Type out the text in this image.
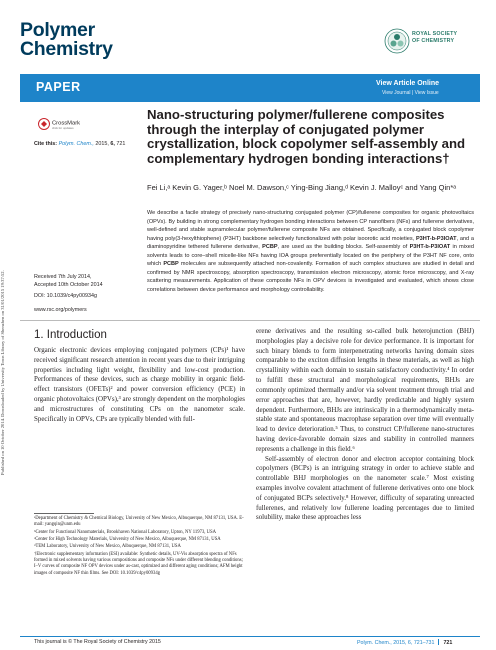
Published on 10 October 2014. Downloaded by University Town Library of Shenzhen on 31/01/2015 19:37:52.
Polymer
Chemistry
ROYAL SOCIETY
OF CHEMISTRY
PAPER	View Article Online
View Journal | View Issue
CrossMark
click for updates
Cite this: Polym. Chem., 2015, 6, 721
Nano-structuring polymer/fullerene composites through the interplay of conjugated polymer crystallization, block copolymer self-assembly and complementary hydrogen bonding interactions†
Fei Li,ᵃ Kevin G. Yager,ᵇ Noel M. Dawson,ᶜ Ying-Bing Jiang,ᵈ Kevin J. Malloyᶜ and Yang Qin*ᵃ
We describe a facile strategy of precisely nano-structuring conjugated polymer (CP)/fullerene composites for organic photovoltaics (OPVs). By building in strong complementary hydrogen bonding interactions between CP nanofibers (NFs) and fullerene derivatives, well-defined and stable supramolecular polymer/fullerene composite NFs are obtained. Specifically, a conjugated block copolymer having poly(3-hexylthiophene) (P3HT) backbone selectively functionalized with polar isoorotic acid moieties, P3HT-b-P3IOAT, and a diaminopyridine tethered fullerene derivative, PCBP, are used as the building blocks. Self-assembly of P3HT-b-P3IOAT in mixed solvents leads to core–shell micelle-like NFs having IOA groups preferentially located on the periphery of the P3HT NF core, onto which PCBP molecules are subsequently attached non-covalently. Formation of such complex structures are studied in detail and confirmed by NMR spectroscopy, absorption spectroscopy, transmission electron microscopy, atomic force microscopy, and X-ray scattering measurements. Application of these composite NFs in OPV devices is investigated and evaluated, which shows close correlations between device performance and morphology controllability.
Received 7th July 2014,
Accepted 10th October 2014
DOI: 10.1039/c4py00934g
www.rsc.org/polymers
1. Introduction

Organic electronic devices employing conjugated polymers (CPs)¹ have received significant research attention in recent years due to their intriguing properties including light weight, flexibility and low-cost production. Performances of these devices, such as charge mobility in organic field-effect transistors (OFETs)² and power conversion efficiency (PCE) in organic photovoltaics (OPVs),³ are strongly dependent on the morphologies and microstructures of constituting CPs on the nanometer scale. Specifically in OPVs, CPs are typically blended with full-

erene derivatives and the resulting so-called bulk heterojunction (BHJ) morphologies play a decisive role for device performance. It is important for such binary blends to form interpenetrating networks having domain sizes comparable to the exciton diffusion lengths in these materials, as well as high crystallinity within each domain to sustain satisfactory conductivity.⁴ In order to fulfill these structural and morphological requirements, BHJs are commonly optimized thermally and/or via solvent treatment through trial and error approaches that are, however, hardly predictable and highly system dependent. Furthermore, BHJs are intrinsically in a thermodynamically meta-stable state and spontaneous macrophase separation over time will eventually lead to device deterioration.⁵ Thus, to construct CP/fullerene nano-structures having device-favorable domain sizes and stability in controlled manners represents a challenge in this field.⁶

Self-assembly of electron donor and electron acceptor containing block copolymers (BCPs) is an intriguing strategy in order to achieve stable and controllable BHJ morphologies on the nanometer scale.⁷ Most existing examples involve covalent attachment of fullerene derivatives onto one block of conjugated BCPs selectively.⁸ However, difficulty of separating unreacted fullerenes, and relatively low fullerene loading percentages due to limited solubility, make these approaches less

ᵃDepartment of Chemistry & Chemical Biology, University of New Mexico, Albuquerque, NM 87131, USA. E-mail: yangqin@unm.edu

ᵇCenter for Functional Nanomaterials, Brookhaven National Laboratory, Upton, NY 11973, USA

ᶜCenter for High Technology Materials, University of New Mexico, Albuquerque, NM 87131, USA

ᵈTEM Laboratory, University of New Mexico, Albuquerque, NM 87131, USA

†Electronic supplementary information (ESI) available: Synthetic details, UV-Vis absorption spectra of NFs formed in mixed solvents having various compositions and composite NFs under different blending conditions; I–V curves of composite NF OPV devices under as-cast, optimized and different aging conditions; AFM height images of composite NF thin films. See DOI: 10.1039/c4py00934g

This journal is © The Royal Society of Chemistry 2015	Polym. Chem., 2015, 6, 721–731 721
